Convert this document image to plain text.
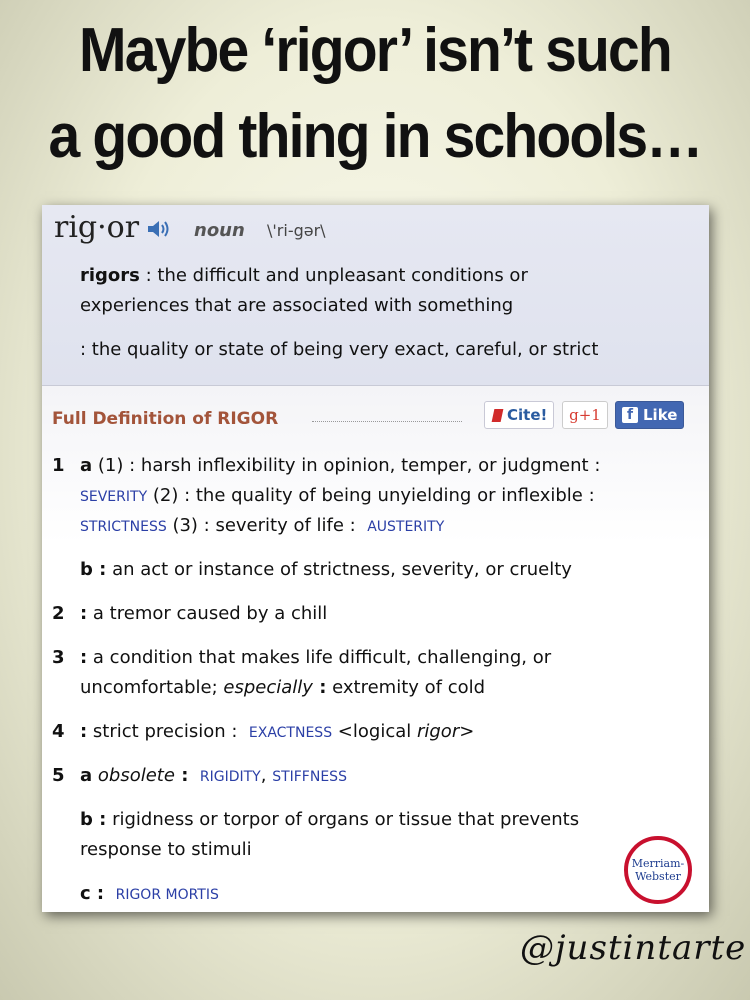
Maybe ‘rigor’ isn’t such
a good thing in schools…
rig·or	noun \'ri-gər\
rigors : the difficult and unpleasant conditions or
experiences that are associated with something
: the quality or state of being very exact, careful, or strict
Full Definition of RIGOR	Cite!	g+1	f Like
1 a (1) : harsh inflexibility in opinion, temper, or judgment :
SEVERITY (2) : the quality of being unyielding or inflexible :
STRICTNESS (3) : severity of life : AUSTERITY
b : an act or instance of strictness, severity, or cruelty
2 : a tremor caused by a chill
3 : a condition that makes life difficult, challenging, or
uncomfortable; especially : extremity of cold
4 : strict precision : EXACTNESS <logical rigor>
5 a obsolete : RIGIDITY, STIFFNESS
b : rigidness or torpor of organs or tissue that prevents
response to stimuli
c : RIGOR MORTIS
Merriam-
Webster
@justintarte
